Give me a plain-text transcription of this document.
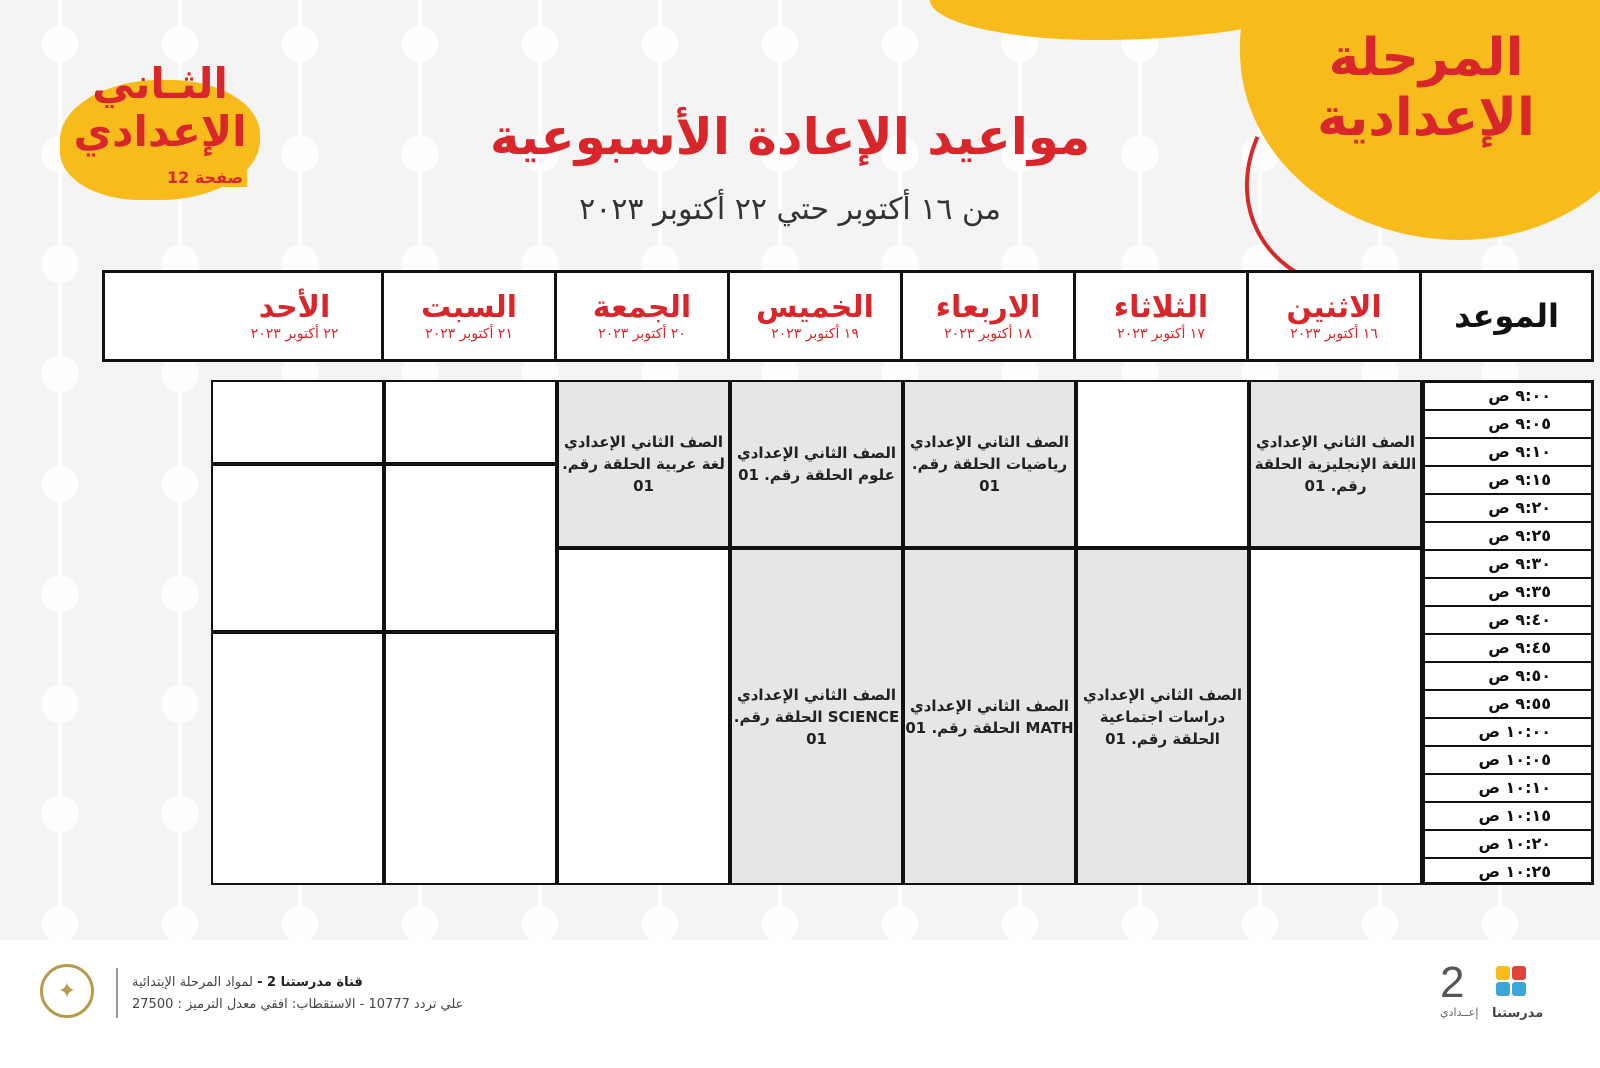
المرحلة الإعدادية
الثـاني الإعدادي
صفحة 12
مواعيد الإعادة الأسبوعية
من ١٦ أكتوبر حتي ٢٢ أكتوبر ٢٠٢٣
الموعد
الاثنين
١٦ أكتوبر ٢٠٢٣
الثلاثاء
١٧ أكتوبر ٢٠٢٣
الاربعاء
١٨ أكتوبر ٢٠٢٣
الخميس
١٩ أكتوبر ٢٠٢٣
الجمعة
٢٠ أكتوبر ٢٠٢٣
السبت
٢١ أكتوبر ٢٠٢٣
الأحد
٢٢ أكتوبر ٢٠٢٣
٩:٠٠ ص
٩:٠٥ ص
٩:١٠ ص
٩:١٥ ص
٩:٢٠ ص
٩:٢٥ ص
٩:٣٠ ص
٩:٣٥ ص
٩:٤٠ ص
٩:٤٥ ص
٩:٥٠ ص
٩:٥٥ ص
١٠:٠٠ ص
١٠:٠٥ ص
١٠:١٠ ص
١٠:١٥ ص
١٠:٢٠ ص
١٠:٢٥ ص
الصف الثاني الإعدادي اللغة الإنجليزية الحلقة رقم. 01
الصف الثاني الإعدادي دراسات اجتماعية الحلقة رقم. 01
الصف الثاني الإعدادي رياضيات الحلقة رقم. 01
الصف الثاني الإعدادي MATH الحلقة رقم. 01
الصف الثاني الإعدادي علوم الحلقة رقم. 01
الصف الثاني الإعدادي SCIENCE الحلقة رقم. 01
الصف الثاني الإعدادي لغة عربية الحلقة رقم. 01
✦	قناة مدرستنا 2 - لمواد المرحلة الإبتدائية
علي تردد 10777 - الاستقطاب: افقي معدل الترميز : 27500	2
إعــدادي مدرستنا
